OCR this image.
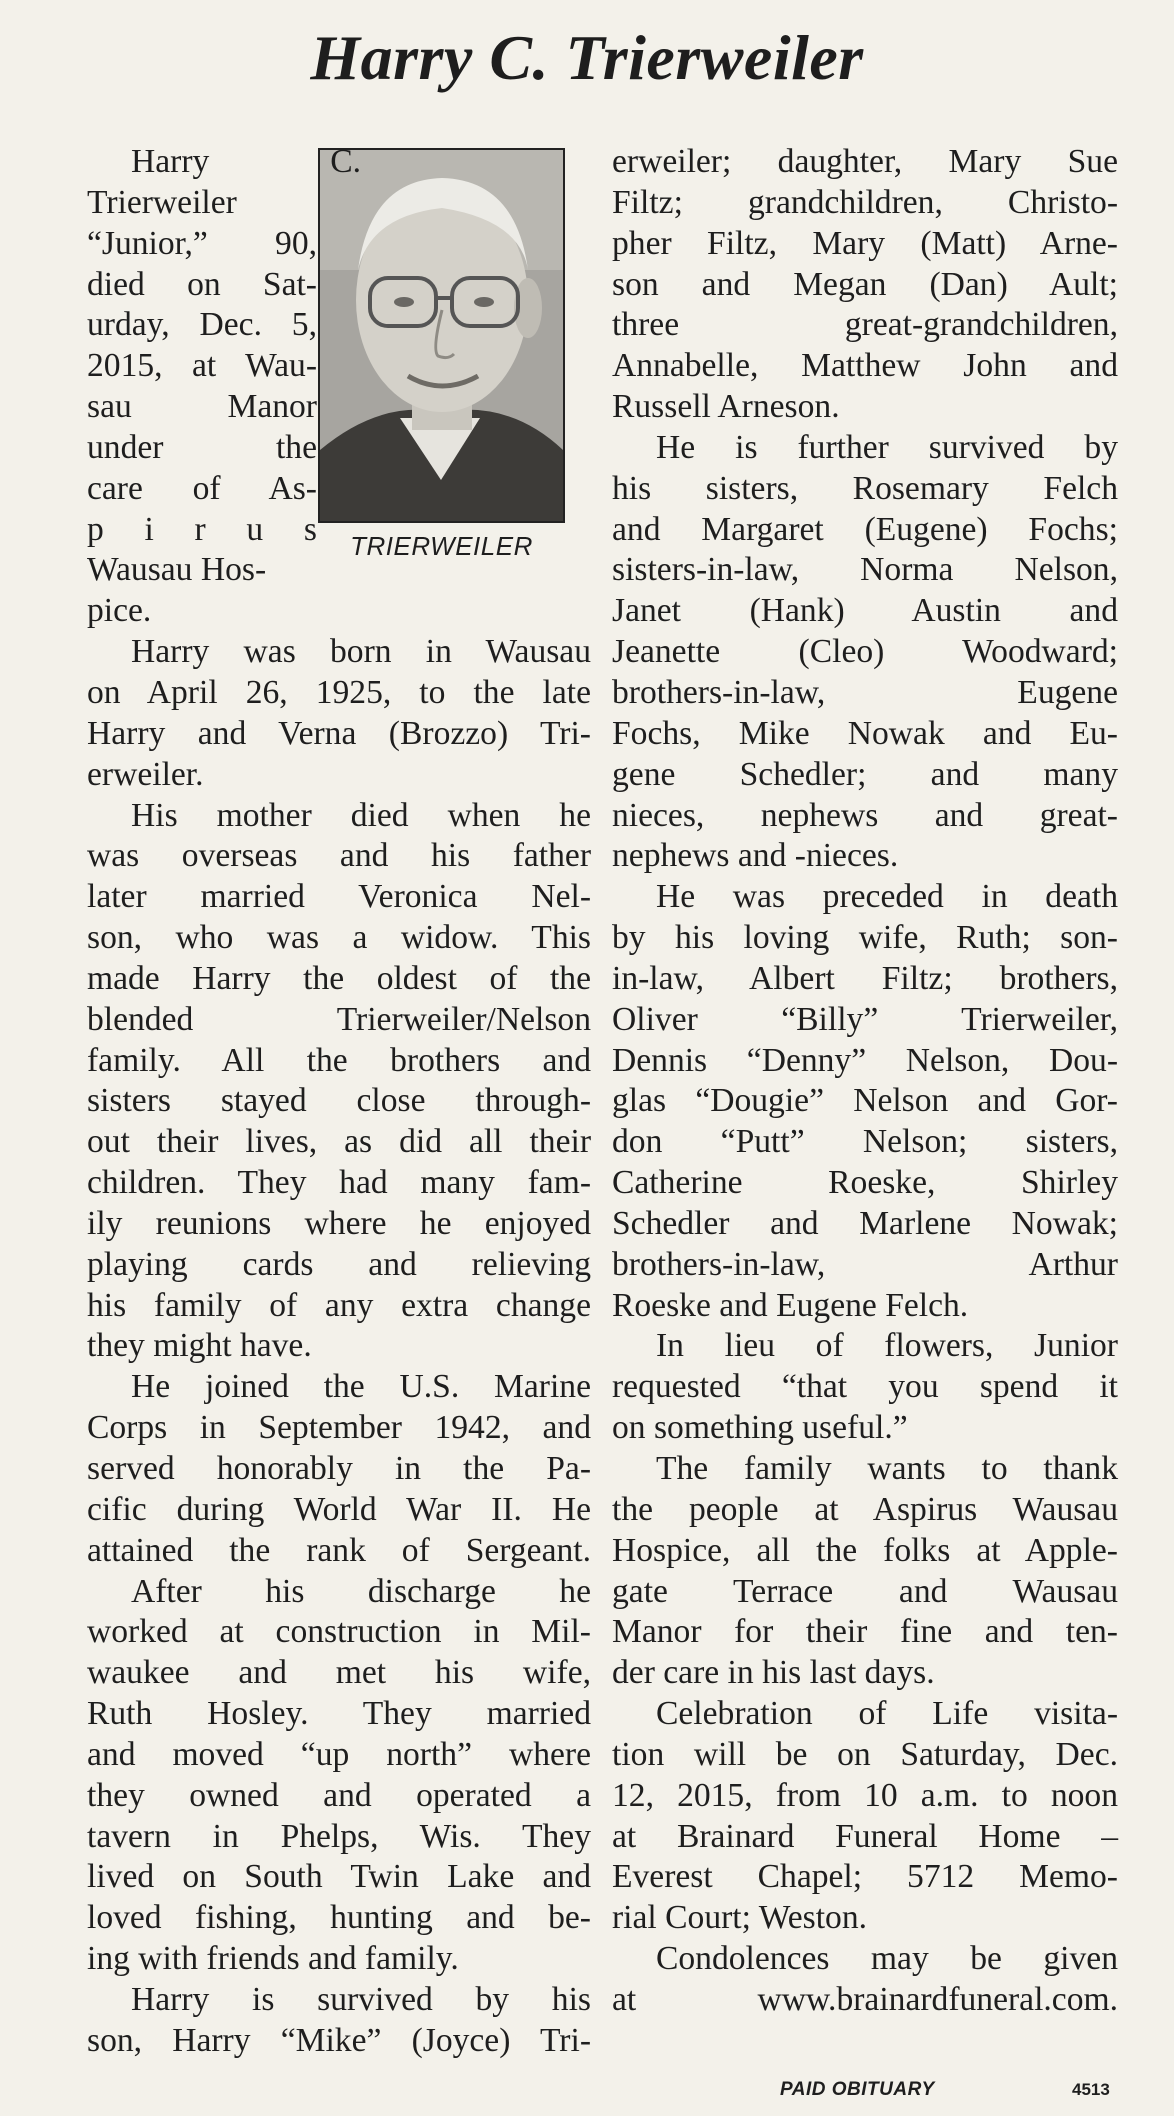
Harry C. Trierweiler
TRIERWEILER
Harry C.
Trierweiler
“Junior,” 90,
died on Sat-
urday, Dec. 5,
2015, at Wau-
sau Manor
under the
care of As-
p i r u s
Wausau Hos-
pice.
Harry was born in Wausau
on April 26, 1925, to the late
Harry and Verna (Brozzo) Tri-
erweiler.
His mother died when he
was overseas and his father
later married Veronica Nel-
son, who was a widow. This
made Harry the oldest of the
blended Trierweiler/Nelson
family. All the brothers and
sisters stayed close through-
out their lives, as did all their
children. They had many fam-
ily reunions where he enjoyed
playing cards and relieving
his family of any extra change
they might have.
He joined the U.S. Marine
Corps in September 1942, and
served honorably in the Pa-
cific during World War II. He
attained the rank of Sergeant.
After his discharge he
worked at construction in Mil-
waukee and met his wife,
Ruth Hosley. They married
and moved “up north” where
they owned and operated a
tavern in Phelps, Wis. They
lived on South Twin Lake and
loved fishing, hunting and be-
ing with friends and family.
Harry is survived by his
son, Harry “Mike” (Joyce) Tri-
erweiler; daughter, Mary Sue
Filtz; grandchildren, Christo-
pher Filtz, Mary (Matt) Arne-
son and Megan (Dan) Ault;
three great-grandchildren,
Annabelle, Matthew John and
Russell Arneson.
He is further survived by
his sisters, Rosemary Felch
and Margaret (Eugene) Fochs;
sisters-in-law, Norma Nelson,
Janet (Hank) Austin and
Jeanette (Cleo) Woodward;
brothers-in-law, Eugene
Fochs, Mike Nowak and Eu-
gene Schedler; and many
nieces, nephews and great-
nephews and -nieces.
He was preceded in death
by his loving wife, Ruth; son-
in-law, Albert Filtz; brothers,
Oliver “Billy” Trierweiler,
Dennis “Denny” Nelson, Dou-
glas “Dougie” Nelson and Gor-
don “Putt” Nelson; sisters,
Catherine Roeske, Shirley
Schedler and Marlene Nowak;
brothers-in-law, Arthur
Roeske and Eugene Felch.
In lieu of flowers, Junior
requested “that you spend it
on something useful.”
The family wants to thank
the people at Aspirus Wausau
Hospice, all the folks at Apple-
gate Terrace and Wausau
Manor for their fine and ten-
der care in his last days.
Celebration of Life visita-
tion will be on Saturday, Dec.
12, 2015, from 10 a.m. to noon
at Brainard Funeral Home –
Everest Chapel; 5712 Memo-
rial Court; Weston.
Condolences may be given
at www.brainardfuneral.com.
PAID OBITUARY	4513
